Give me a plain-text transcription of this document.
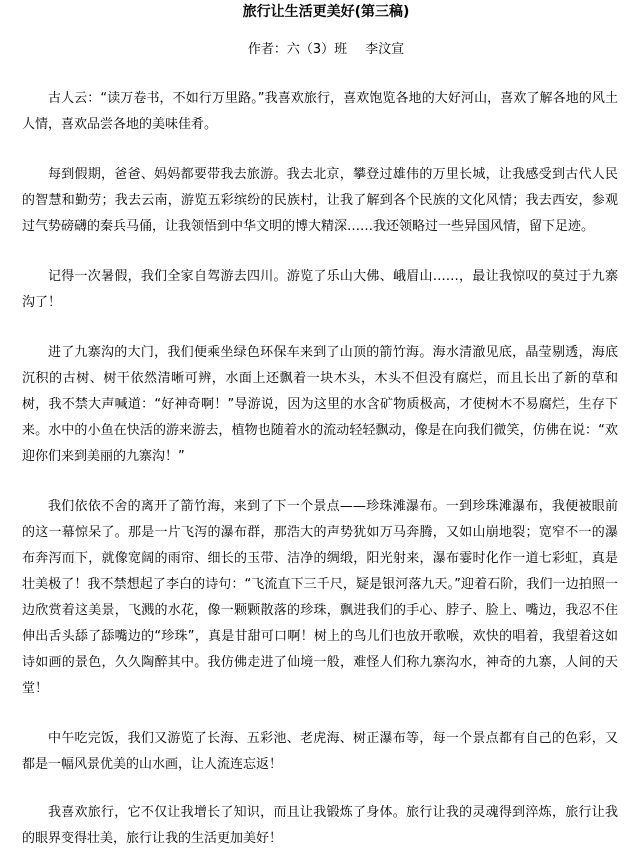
旅行让生活更美好(第三稿)
作者：六（3）班 李汶宣

古人云：“读万卷书，不如行万里路。”我喜欢旅行，喜欢饱览各地的大好河山，喜欢了解各地的风土人情，喜欢品尝各地的美味佳肴。

每到假期，爸爸、妈妈都要带我去旅游。我去北京，攀登过雄伟的万里长城，让我感受到古代人民的智慧和勤劳；我去云南，游览五彩缤纷的民族村，让我了解到各个民族的文化风情；我去西安，参观过气势磅礴的秦兵马俑，让我领悟到中华文明的博大精深……我还领略过一些异国风情，留下足迹。

记得一次暑假，我们全家自驾游去四川。游览了乐山大佛、峨眉山……，最让我惊叹的莫过于九寨沟了！

进了九寨沟的大门，我们便乘坐绿色环保车来到了山顶的箭竹海。海水清澈见底，晶莹剔透，海底沉积的古树、树干依然清晰可辨，水面上还飘着一块木头，木头不但没有腐烂，而且长出了新的草和树，我不禁大声喊道：“好神奇啊！”导游说，因为这里的水含矿物质极高，才使树木不易腐烂，生存下来。水中的小鱼在快活的游来游去，植物也随着水的流动轻轻飘动，像是在向我们微笑，仿佛在说：“欢迎你们来到美丽的九寨沟！”

我们依依不舍的离开了箭竹海，来到了下一个景点——珍珠滩瀑布。一到珍珠滩瀑布，我便被眼前的这一幕惊呆了。那是一片飞泻的瀑布群，那浩大的声势犹如万马奔腾，又如山崩地裂；宽窄不一的瀑布奔泻而下，就像宽阔的雨帘、细长的玉带、洁净的绸缎，阳光射来，瀑布霎时化作一道七彩虹，真是壮美极了！我不禁想起了李白的诗句：“飞流直下三千尺，疑是银河落九天。”迎着石阶，我们一边拍照一边欣赏着这美景，飞溅的水花，像一颗颗散落的珍珠，飘进我们的手心、脖子、脸上、嘴边，我忍不住伸出舌头舔了舔嘴边的“珍珠”，真是甘甜可口啊！树上的鸟儿们也放开歌喉，欢快的唱着，我望着这如诗如画的景色，久久陶醉其中。我仿佛走进了仙境一般，难怪人们称九寨沟水，神奇的九寨，人间的天堂！

中午吃完饭，我们又游览了长海、五彩池、老虎海、树正瀑布等，每一个景点都有自己的色彩，又都是一幅风景优美的山水画，让人流连忘返！

我喜欢旅行，它不仅让我增长了知识，而且让我锻炼了身体。旅行让我的灵魂得到淬炼，旅行让我的眼界变得壮美，旅行让我的生活更加美好！
